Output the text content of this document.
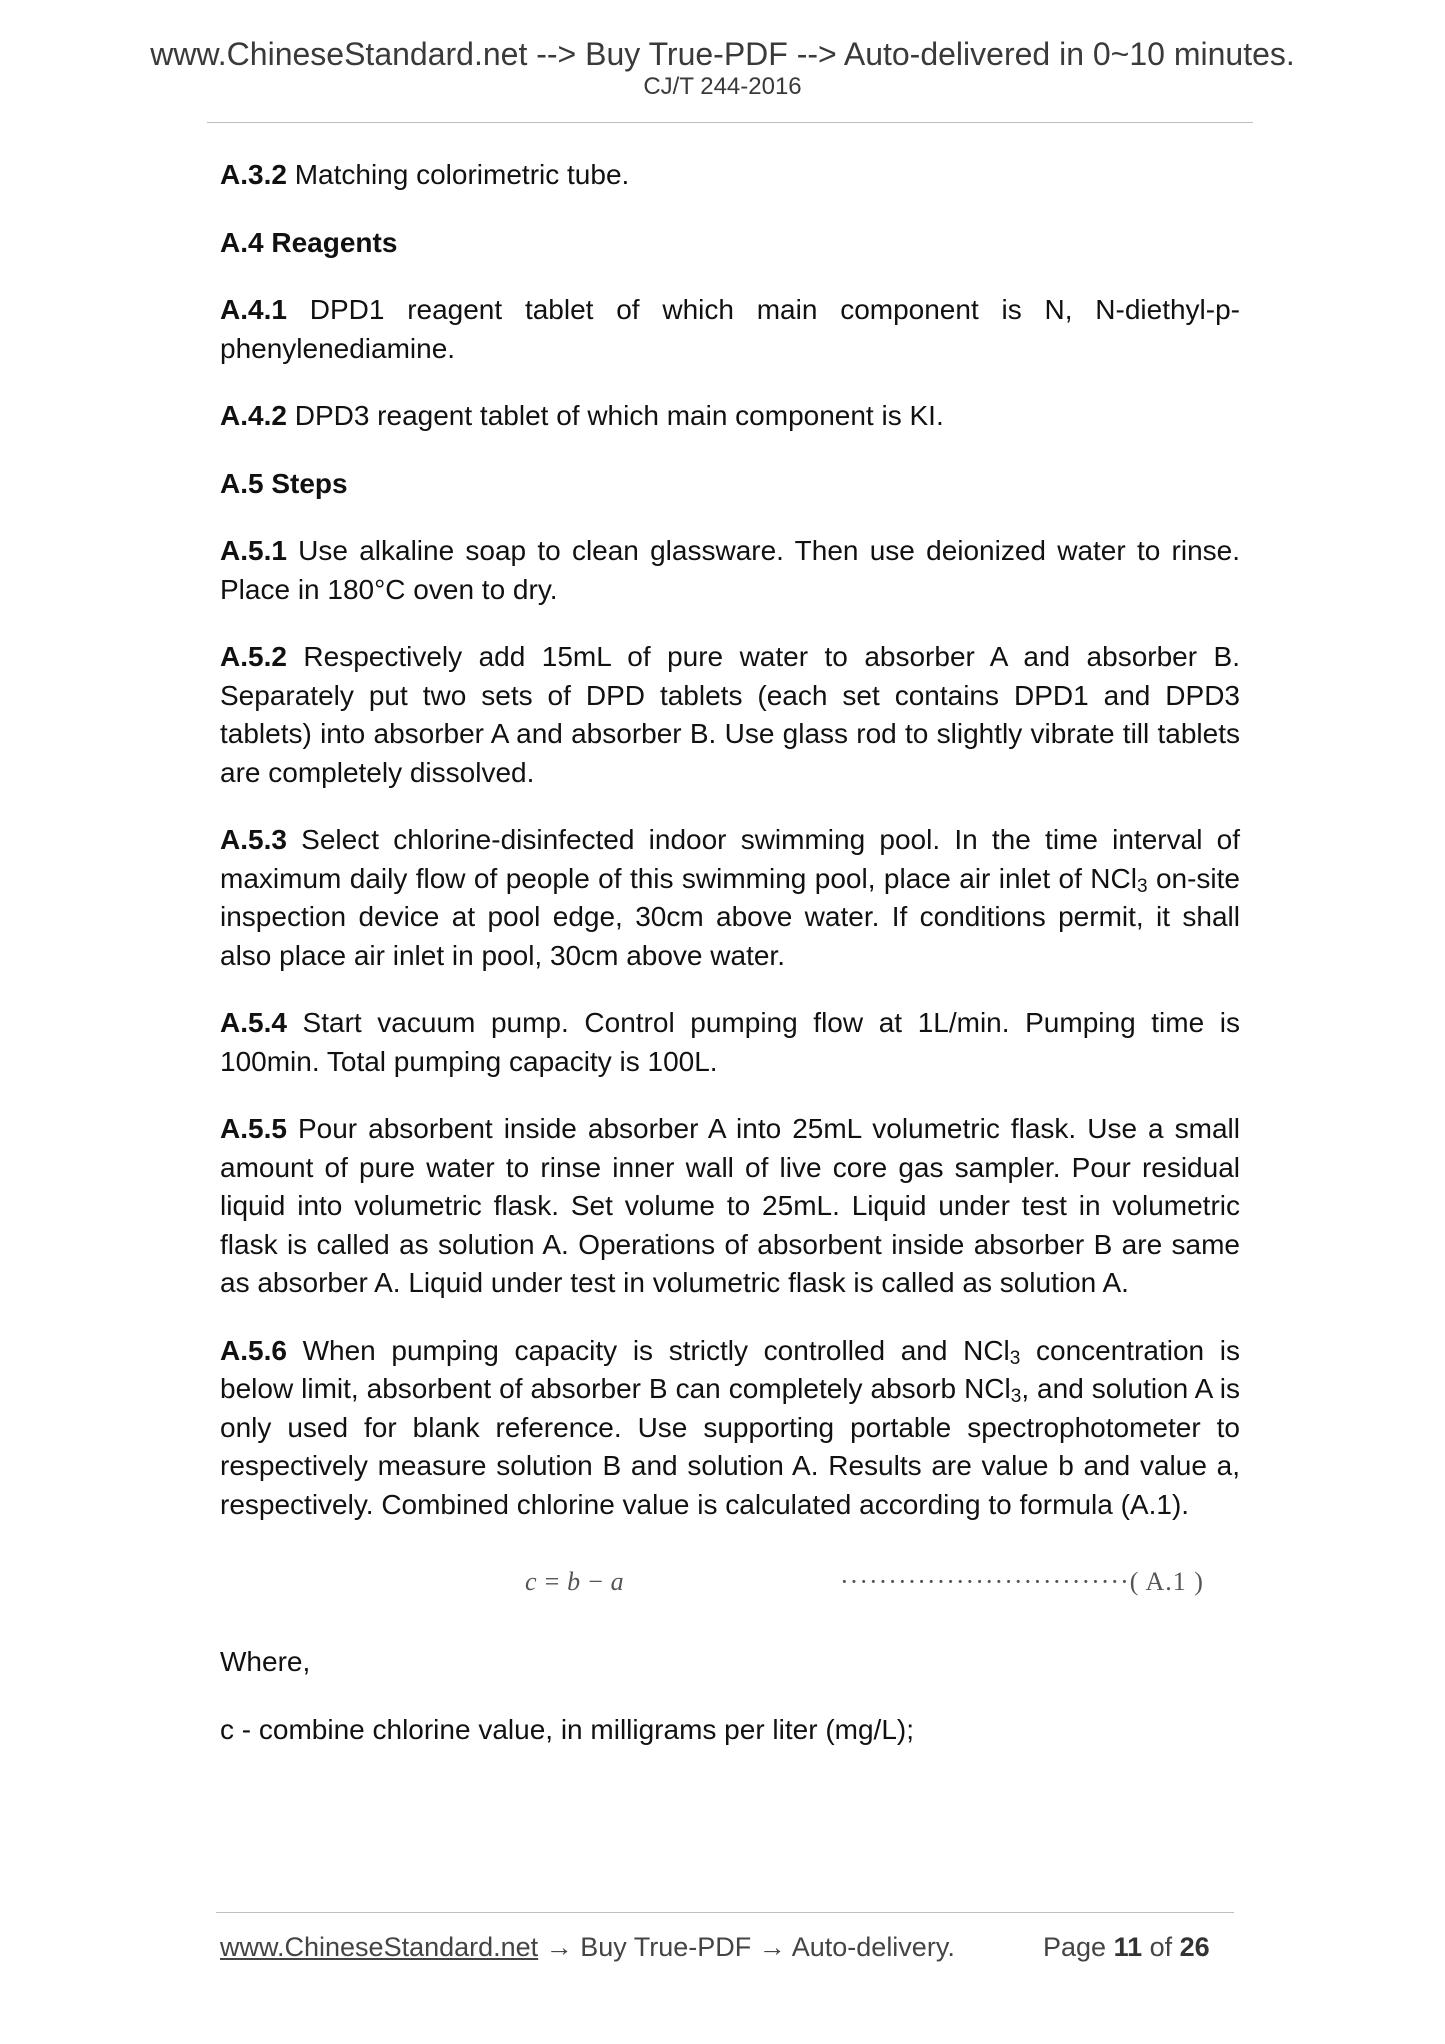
www.ChineseStandard.net --> Buy True-PDF --> Auto-delivered in 0~10 minutes.
CJ/T 244-2016

A.3.2 Matching colorimetric tube.

A.4 Reagents

A.4.1 DPD1 reagent tablet of which main component is N, N-diethyl-p-phenylenediamine.

A.4.2 DPD3 reagent tablet of which main component is KI.

A.5 Steps

A.5.1 Use alkaline soap to clean glassware. Then use deionized water to rinse. Place in 180°C oven to dry.

A.5.2 Respectively add 15mL of pure water to absorber A and absorber B. Separately put two sets of DPD tablets (each set contains DPD1 and DPD3 tablets) into absorber A and absorber B. Use glass rod to slightly vibrate till tablets are completely dissolved.

A.5.3 Select chlorine-disinfected indoor swimming pool. In the time interval of maximum daily flow of people of this swimming pool, place air inlet of NCl$_3$ on-site inspection device at pool edge, 30cm above water. If conditions permit, it shall also place air inlet in pool, 30cm above water.

A.5.4 Start vacuum pump. Control pumping flow at 1L/min. Pumping time is 100min. Total pumping capacity is 100L.

A.5.5 Pour absorbent inside absorber A into 25mL volumetric flask. Use a small amount of pure water to rinse inner wall of live core gas sampler. Pour residual liquid into volumetric flask. Set volume to 25mL. Liquid under test in volumetric flask is called as solution A. Operations of absorbent inside absorber B are same as absorber A. Liquid under test in volumetric flask is called as solution A.

A.5.6 When pumping capacity is strictly controlled and NCl$_3$ concentration is below limit, absorbent of absorber B can completely absorb NCl$_3$, and solution A is only used for blank reference. Use supporting portable spectrophotometer to respectively measure solution B and solution A. Results are value b and value a, respectively. Combined chlorine value is calculated according to formula (A.1).

c = b − a	······························( A.1 )

Where,

c - combine chlorine value, in milligrams per liter (mg/L);

www.ChineseStandard.net → Buy True-PDF → Auto-delivery.	Page 11 of 26
